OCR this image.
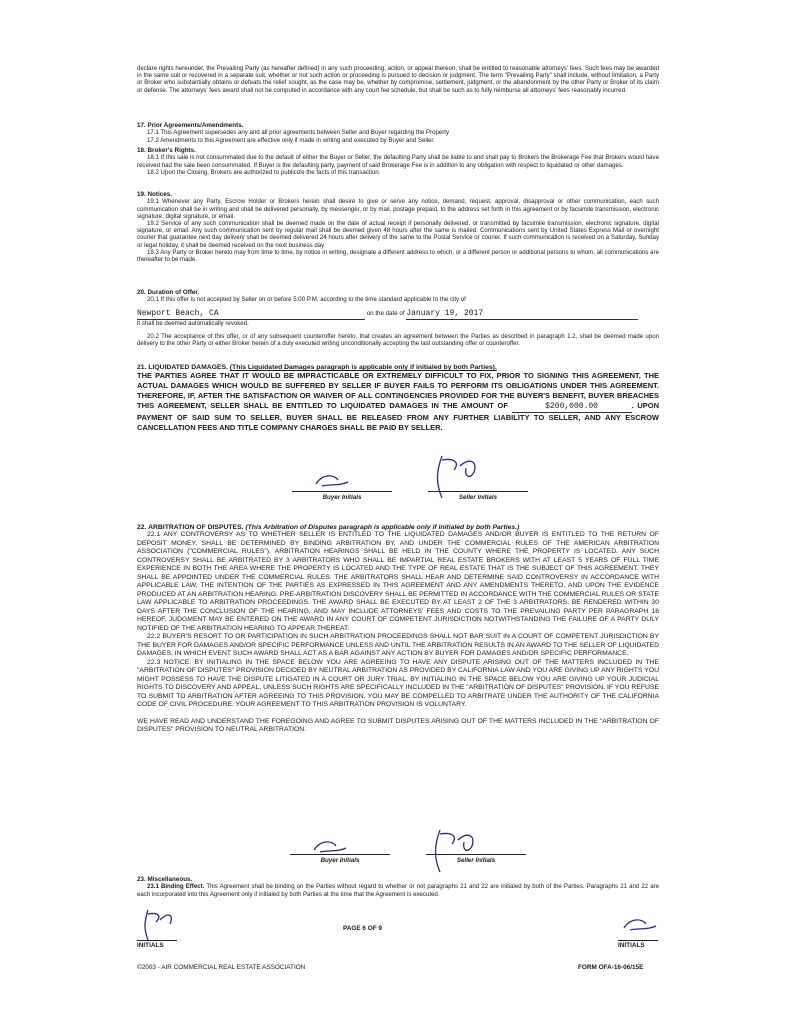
declare rights hereunder, the Prevailing Party (as hereafter defined) in any such proceeding, action, or appeal thereon, shall be entitled to reasonable attorneys' fees. Such fees may be awarded in the same suit or recovered in a separate suit, whether or not such action or proceeding is pursued to decision or judgment. The term "Prevailing Party" shall include, without limitation, a Party or Broker who substantially obtains or defeats the relief sought, as the case may be, whether by compromise, settlement, judgment, or the abandonment by the other Party or Broker of its claim or defense. The attorneys' fees award shall not be computed in accordance with any court fee schedule, but shall be such as to fully reimburse all attorneys' fees reasonably incurred.

17. Prior Agreements/Amendments.

17.1 This Agreement supersedes any and all prior agreements between Seller and Buyer regarding the Property

17.2 Amendments to this Agreement are effective only if made in writing and executed by Buyer and Seller.

18. Broker's Rights.

18.1 If this sale is not consummated due to the default of either the Buyer or Seller, the defaulting Party shall be liable to and shall pay to Brokers the Brokerage Fee that Brokers would have received had the sale been consummated. If Buyer is the defaulting party, payment of said Brokerage Fee is in addition to any obligation with respect to liquidated or other damages.

18.2 Upon the Closing, Brokers are authorized to publicize the facts of this transaction.

19. Notices.

19.1 Whenever any Party, Escrow Holder or Brokers herein shall desire to give or serve any notice, demand, request, approval, disapproval or other communication, each such communication shall be in writing and shall be delivered personally, by messenger, or by mail, postage prepaid, to the address set forth in this agreement or by facsimile transmission, electronic signature, digital signature, or email.

19.2 Service of any such communication shall be deemed made on the date of actual receipt if personally delivered, or transmitted by facsimile transmission, electronic signature, digital signature, or email. Any such communication sent by regular mail shall be deemed given 48 hours after the same is mailed. Communications sent by United States Express Mail or overnight courier that guarantee next day delivery shall be deemed delivered 24 hours after delivery of the same to the Postal Service or courier. If such communication is received on a Saturday, Sunday or legal holiday, it shall be deemed received on the next business day

19.3 Any Party or Broker hereto may from time to time, by notice in writing, designate a different address to which, or a different person or additional persons to whom, all communications are thereafter to be made.

20. Duration of Offer.

20.1 If this offer is not accepted by Seller on or before 5:00 P.M. according to the time standard applicable to the city of

Newport Beach, CA	on the date of January 19, 2017

it shall be deemed automatically revoked.

20.2 The acceptance of this offer, or of any subsequent counteroffer hereto, that creates an agreement between the Parties as described in paragraph 1.2, shall be deemed made upon delivery to the other Party or either Broker herein of a duly executed writing unconditionally accepting the last outstanding offer or counteroffer.

21. LIQUIDATED DAMAGES. (This Liquidated Damages paragraph is applicable only if initialed by both Parties).

THE PARTIES AGREE THAT IT WOULD BE IMPRACTICABLE OR EXTREMELY DIFFICULT TO FIX, PRIOR TO SIGNING THIS AGREEMENT, THE ACTUAL DAMAGES WHICH WOULD BE SUFFERED BY SELLER IF BUYER FAILS TO PERFORM ITS OBLIGATIONS UNDER THIS AGREEMENT. THEREFORE, IF, AFTER THE SATISFACTION OR WAIVER OF ALL CONTINGENCIES PROVIDED FOR THE BUYER'S BENEFIT, BUYER BREACHES THIS AGREEMENT, SELLER SHALL BE ENTITLED TO LIQUIDATED DAMAGES IN THE AMOUNT OF	$200,000.00	. UPON PAYMENT OF SAID SUM TO SELLER, BUYER SHALL BE RELEASED FROM ANY FURTHER LIABILITY TO SELLER, AND ANY ESCROW CANCELLATION FEES AND TITLE COMPANY CHARGES SHALL BE PAID BY SELLER.

Buyer Initials	Seller Initials

22. ARBITRATION OF DISPUTES. (This Arbitration of Disputes paragraph is applicable only if initialed by both Parties.)

22.1 ANY CONTROVERSY AS TO WHETHER SELLER IS ENTITLED TO THE LIQUIDATED DAMAGES AND/OR BUYER IS ENTITLED TO THE RETURN OF DEPOSIT MONEY, SHALL BE DETERMINED BY BINDING ARBITRATION BY, AND UNDER THE COMMERCIAL RULES OF THE AMERICAN ARBITRATION ASSOCIATION ("COMMERCIAL RULES"). ARBITRATION HEARINGS SHALL BE HELD IN THE COUNTY WHERE THE PROPERTY IS LOCATED. ANY SUCH CONTROVERSY SHALL BE ARBITRATED BY 3 ARBITRATORS WHO SHALL BE IMPARTIAL REAL ESTATE BROKERS WITH AT LEAST 5 YEARS OF FULL TIME EXPERIENCE IN BOTH THE AREA WHERE THE PROPERTY IS LOCATED AND THE TYPE OF REAL ESTATE THAT IS THE SUBJECT OF THIS AGREEMENT. THEY SHALL BE APPOINTED UNDER THE COMMERCIAL RULES. THE ARBITRATORS SHALL HEAR AND DETERMINE SAID CONTROVERSY IN ACCORDANCE WITH APPLICABLE LAW, THE INTENTION OF THE PARTIES AS EXPRESSED IN THIS AGREEMENT AND ANY AMENDMENTS THERETO, AND UPON THE EVIDENCE PRODUCED AT AN ARBITRATION HEARING. PRE-ARBITRATION DISCOVERY SHALL BE PERMITTED IN ACCORDANCE WITH THE COMMERCIAL RULES OR STATE LAW APPLICABLE TO ARBITRATION PROCEEDINGS. THE AWARD SHALL BE EXECUTED BY AT LEAST 2 OF THE 3 ARBITRATORS, BE RENDERED WITHIN 30 DAYS AFTER THE CONCLUSION OF THE HEARING, AND MAY INCLUDE ATTORNEYS' FEES AND COSTS TO THE PREVAILING PARTY PER PARAGRAPH 16 HEREOF. JUDGMENT MAY BE ENTERED ON THE AWARD IN ANY COURT OF COMPETENT JURISDICTION NOTWITHSTANDING THE FAILURE OF A PARTY DULY NOTIFIED OF THE ARBITRATION HEARING TO APPEAR THEREAT.

22.2 BUYER'S RESORT TO OR PARTICIPATION IN SUCH ARBITRATION PROCEEDINGS SHALL NOT BAR SUIT IN A COURT OF COMPETENT JURISDICTION BY THE BUYER FOR DAMAGES AND/OR SPECIFIC PERFORMANCE UNLESS AND UNTIL THE ARBITRATION RESULTS IN AN AWARD TO THE SELLER OF LIQUIDATED DAMAGES, IN WHICH EVENT SUCH AWARD SHALL ACT AS A BAR AGAINST ANY ACTION BY BUYER FOR DAMAGES AND/OR SPECIFIC PERFORMANCE.

22.3 NOTICE: BY INITIALING IN THE SPACE BELOW YOU ARE AGREEING TO HAVE ANY DISPUTE ARISING OUT OF THE MATTERS INCLUDED IN THE "ARBITRATION OF DISPUTES" PROVISION DECIDED BY NEUTRAL ARBITRATION AS PROVIDED BY CALIFORNIA LAW AND YOU ARE GIVING UP ANY RIGHTS YOU MIGHT POSSESS TO HAVE THE DISPUTE LITIGATED IN A COURT OR JURY TRIAL. BY INITIALING IN THE SPACE BELOW YOU ARE GIVING UP YOUR JUDICIAL RIGHTS TO DISCOVERY AND APPEAL, UNLESS SUCH RIGHTS ARE SPECIFICALLY INCLUDED IN THE "ARBITRATION OF DISPUTES" PROVISION. IF YOU REFUSE TO SUBMIT TO ARBITRATION AFTER AGREEING TO THIS PROVISION, YOU MAY BE COMPELLED TO ARBITRATE UNDER THE AUTHORITY OF THE CALIFORNIA CODE OF CIVIL PROCEDURE. YOUR AGREEMENT TO THIS ARBITRATION PROVISION IS VOLUNTARY.

WE HAVE READ AND UNDERSTAND THE FOREGOING AND AGREE TO SUBMIT DISPUTES ARISING OUT OF THE MATTERS INCLUDED IN THE "ARBITRATION OF DISPUTES" PROVISION TO NEUTRAL ARBITRATION.

Buyer Initials	Seller Initials

23. Miscellaneous.

23.1 Binding Effect. This Agreement shall be binding on the Parties without regard to whether or not paragraphs 21 and 22 are initialed by both of the Parties. Paragraphs 21 and 22 are each incorporated into this Agreement only if initialed by both Parties at the time that the Agreement is executed.

INITIALS
PAGE 6 OF 9
INITIALS
©2003 - AIR COMMERCIAL REAL ESTATE ASSOCIATION	FORM OFA-16-06/15E
